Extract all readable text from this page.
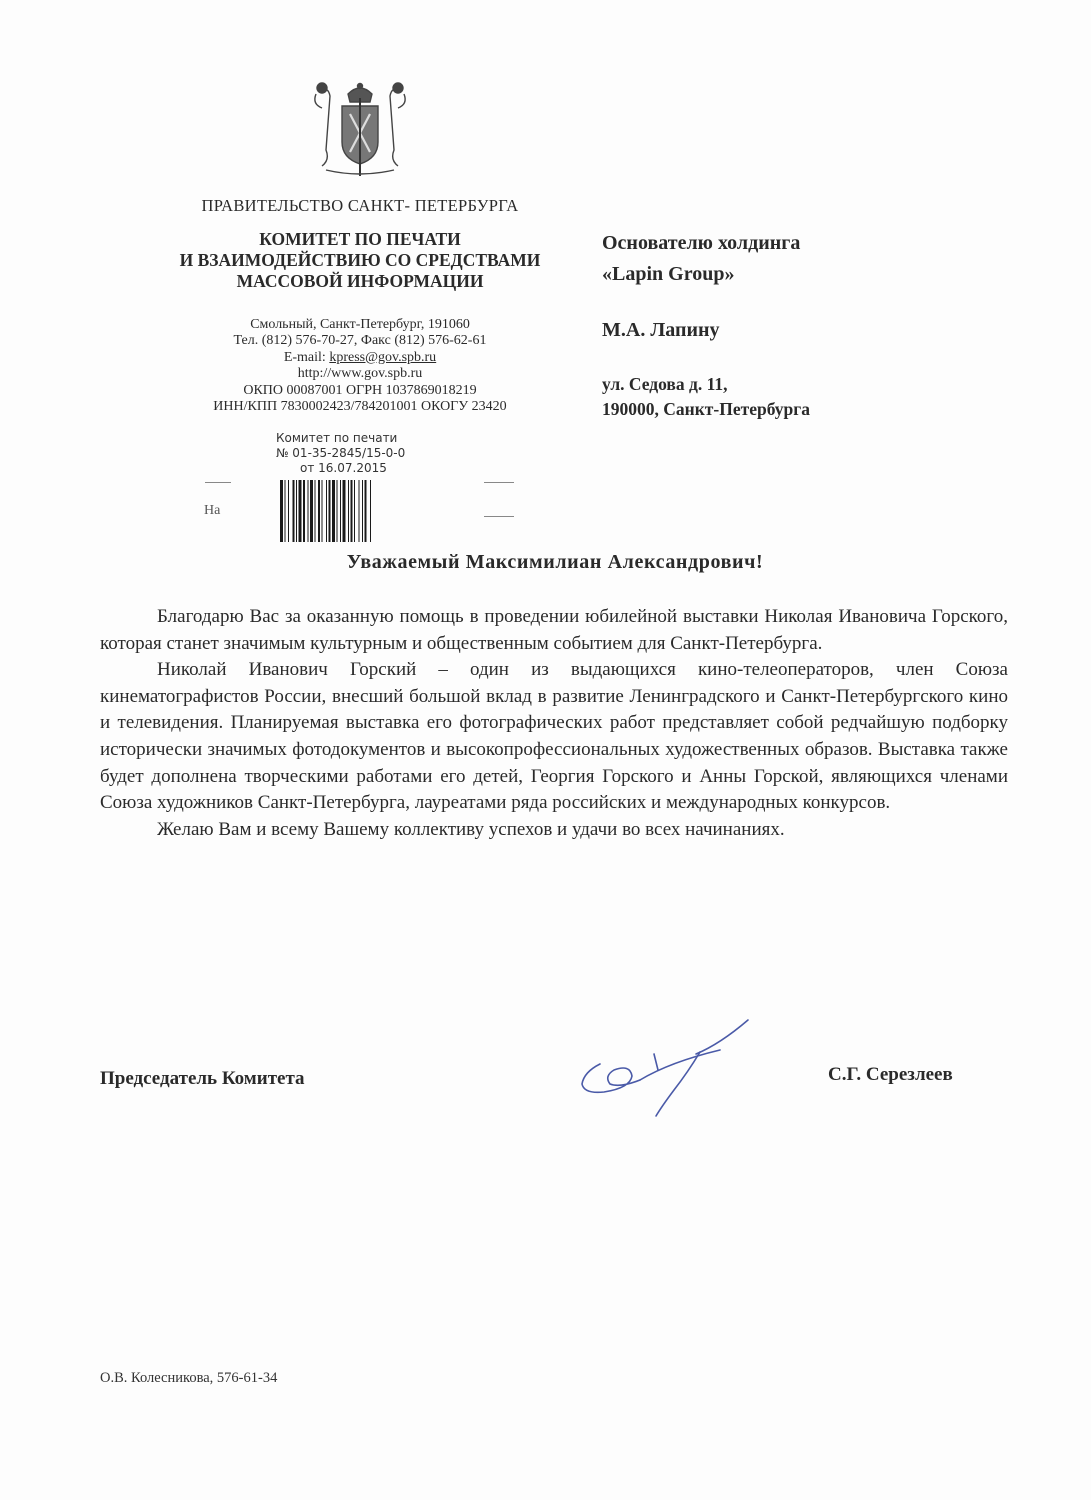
ПРАВИТЕЛЬСТВО САНКТ- ПЕТЕРБУРГА
КОМИТЕТ ПО ПЕЧАТИ
И ВЗАИМОДЕЙСТВИЮ СО СРЕДСТВАМИ
МАССОВОЙ ИНФОРМАЦИИ
Смольный, Санкт-Петербург, 191060
Тел. (812) 576-70-27, Факс (812) 576-62-61
E-mail: kpress@gov.spb.ru
http://www.gov.spb.ru
ОКПО 00087001 ОГРН 1037869018219
ИНН/КПП 7830002423/784201001 ОКОГУ 23420
Комитет по печати
№ 01-35-2845/15-0-0
от 16.07.2015
На
Основателю холдинга
«Lapin Group»
М.А. Лапину
ул. Седова д. 11,
190000, Санкт-Петербурга
Уважаемый Максимилиан Александрович!

Благодарю Вас за оказанную помощь в проведении юбилейной выставки Николая Ивановича Горского, которая станет значимым культурным и общественным событием для Санкт-Петербурга.

Николай Иванович Горский – один из выдающихся кино-телеоператоров, член Союза кинематографистов России, внесший большой вклад в развитие Ленинградского и Санкт-Петербургского кино и телевидения. Планируемая выставка его фотографических работ представляет собой редчайшую подборку исторически значимых фотодокументов и высокопрофессиональных художественных образов. Выставка также будет дополнена творческими работами его детей, Георгия Горского и Анны Горской, являющихся членами Союза художников Санкт-Петербурга, лауреатами ряда российских и международных конкурсов.

Желаю Вам и всему Вашему коллективу успехов и удачи во всех начинаниях.

Председатель Комитета	С.Г. Серезлеев
О.В. Колесникова, 576-61-34
